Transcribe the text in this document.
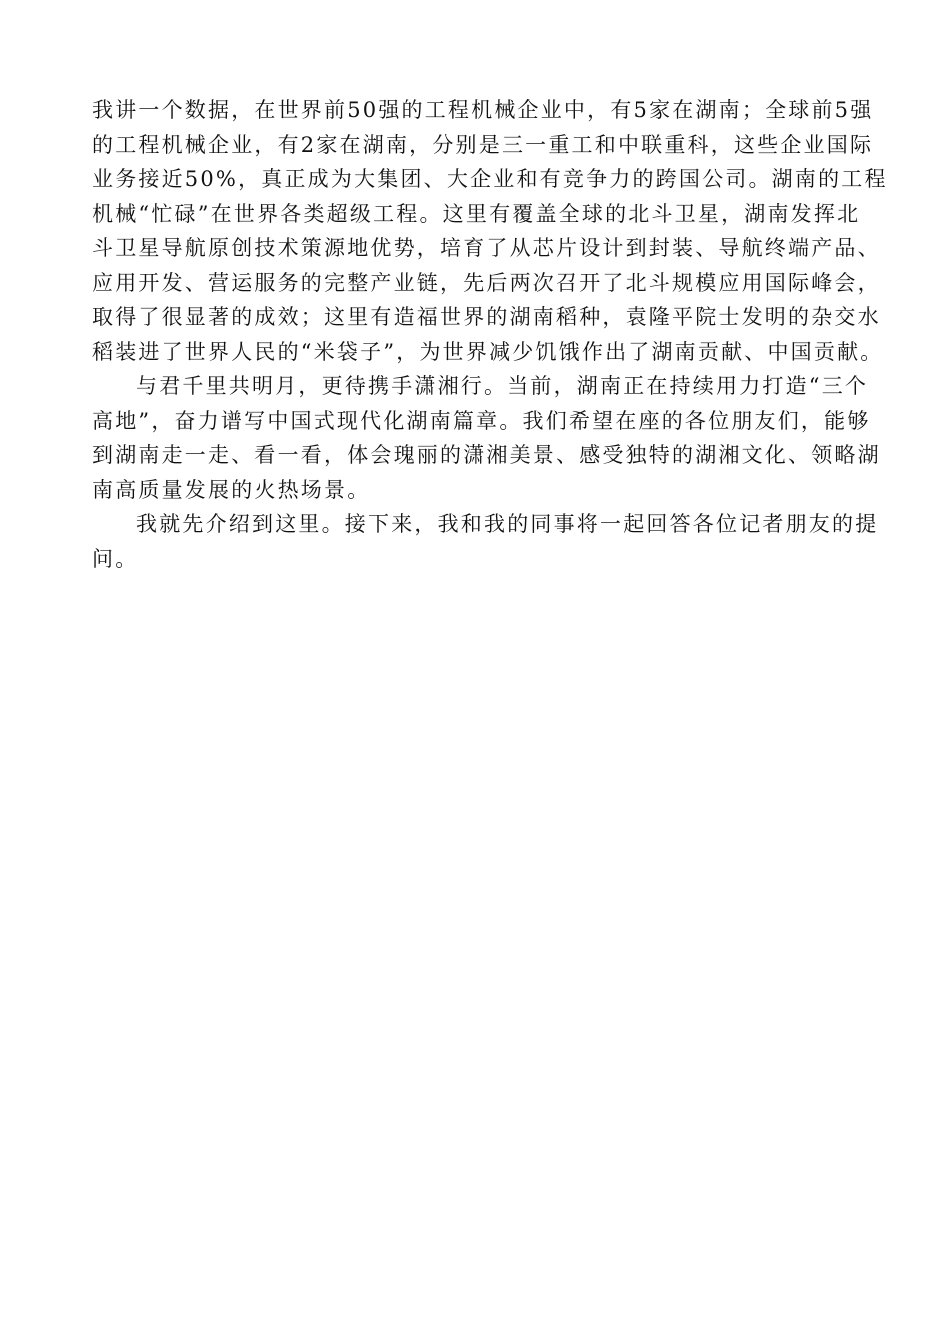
我讲一个数据，在世界前50强的工程机械企业中，有5家在湖南；全球前5强
的工程机械企业，有2家在湖南，分别是三一重工和中联重科，这些企业国际
业务接近50%，真正成为大集团、大企业和有竞争力的跨国公司。湖南的工程
机械“忙碌”在世界各类超级工程。这里有覆盖全球的北斗卫星，湖南发挥北
斗卫星导航原创技术策源地优势，培育了从芯片设计到封装、导航终端产品、
应用开发、营运服务的完整产业链，先后两次召开了北斗规模应用国际峰会，
取得了很显著的成效；这里有造福世界的湖南稻种，袁隆平院士发明的杂交水
稻装进了世界人民的“米袋子”，为世界减少饥饿作出了湖南贡献、中国贡献。
与君千里共明月，更待携手潇湘行。当前，湖南正在持续用力打造“三个
高地”，奋力谱写中国式现代化湖南篇章。我们希望在座的各位朋友们，能够
到湖南走一走、看一看，体会瑰丽的潇湘美景、感受独特的湖湘文化、领略湖
南高质量发展的火热场景。
我就先介绍到这里。接下来，我和我的同事将一起回答各位记者朋友的提
问。
